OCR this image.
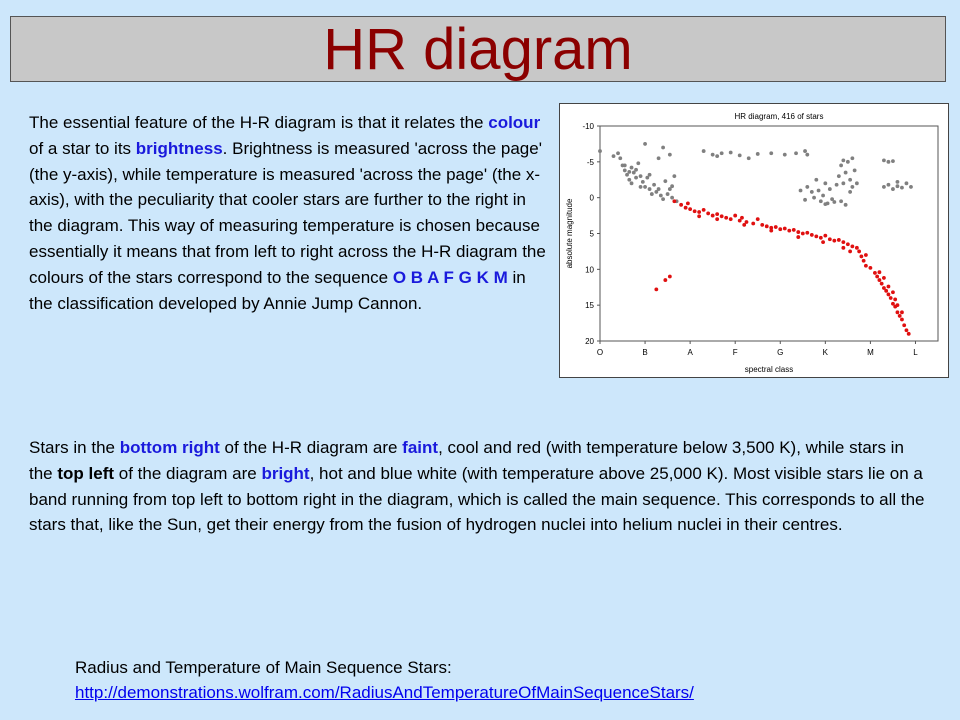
HR diagram
The essential feature of the H-R diagram is that it relates the colour of a star to its brightness. Brightness is measured 'across the page' (the y-axis), while temperature is measured 'across the page' (the x-axis), with the peculiarity that cooler stars are further to the right in the diagram. This way of measuring temperature is chosen because essentially it means that from left to right across the H-R diagram the colours of the stars correspond to the sequence O B A F G K M in the classification developed by Annie Jump Cannon.
HR diagram, 416 of stars
-10
-5
0
5
10
15
20
O	B	A	F	G	K	M	L
spectral class
absolute magnitude
Stars in the bottom right of the H-R diagram are faint, cool and red (with temperature below 3,500 K), while stars in the top left of the diagram are bright, hot and blue white (with temperature above 25,000 K). Most visible stars lie on a band running from top left to bottom right in the diagram, which is called the main sequence. This corresponds to all the stars that, like the Sun, get their energy from the fusion of hydrogen nuclei into helium nuclei in their centres.
Radius and Temperature of Main Sequence Stars:
http://demonstrations.wolfram.com/RadiusAndTemperatureOfMainSequenceStars/
